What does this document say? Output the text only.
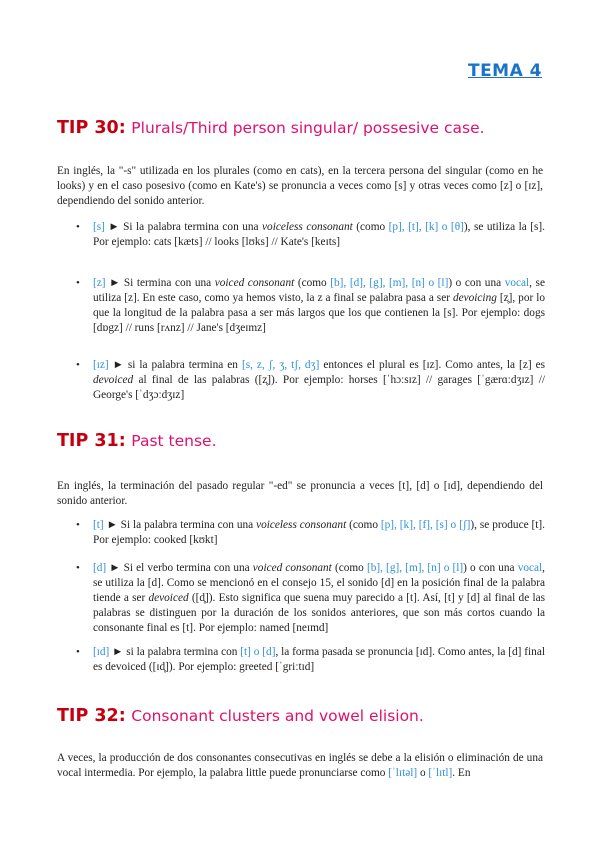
TEMA 4
TIP 30: Plurals/Third person singular/ possesive case.

En inglés, la "-s" utilizada en los plurales (como en cats), en la tercera persona del singular (como en he looks) y en el caso posesivo (como en Kate's) se pronuncia a veces como [s] y otras veces como [z] o [ɪz], dependiendo del sonido anterior.

• [s] ► Si la palabra termina con una voiceless consonant (como [p], [t], [k] o [θ]), se utiliza la [s]. Por ejemplo: cats [kæts] // looks [lʊks] // Kate's [keɪts]

• [z] ► Si termina con una voiced consonant (como [b], [d], [g], [m], [n] o [l]) o con una vocal, se utiliza [z]. En este caso, como ya hemos visto, la z a final se palabra pasa a ser devoicing [z̥], por lo que la longitud de la palabra pasa a ser más largos que los que contienen la [s]. Por ejemplo: dogs [dɒgz] // runs [rʌnz] // Jane's [dʒeɪmz]

• [ɪz] ► si la palabra termina en [s, z, ʃ, ʒ, tʃ, dʒ] entonces el plural es [ɪz]. Como antes, la [z] es devoiced al final de las palabras ([z̥]). Por ejemplo: horses [ˈhɔːsɪz] // garages [ˈgærɑːdʒɪz] // George's [ˈdʒɔːdʒɪz]

TIP 31: Past tense.

En inglés, la terminación del pasado regular "-ed" se pronuncia a veces [t], [d] o [ɪd], dependiendo del sonido anterior.

• [t] ► Si la palabra termina con una voiceless consonant (como [p], [k], [f], [s] o [ʃ]), se produce [t]. Por ejemplo: cooked [kʊkt]

• [d] ► Si el verbo termina con una voiced consonant (como [b], [g], [m], [n] o [l]) o con una vocal, se utiliza la [d]. Como se mencionó en el consejo 15, el sonido [d] en la posición final de la palabra tiende a ser devoiced ([d̥]). Esto significa que suena muy parecido a [t]. Así, [t] y [d] al final de las palabras se distinguen por la duración de los sonidos anteriores, que son más cortos cuando la consonante final es [t]. Por ejemplo: named [neɪmd]

• [ɪd] ► si la palabra termina con [t] o [d], la forma pasada se pronuncia [ɪd]. Como antes, la [d] final es devoiced ([ɪd̥]). Por ejemplo: greeted [ˈgriːtɪd]

TIP 32: Consonant clusters and vowel elision.

A veces, la producción de dos consonantes consecutivas en inglés se debe a la elisión o eliminación de una vocal intermedia. Por ejemplo, la palabra little puede pronunciarse como [ˈlɪtəl] o [ˈlɪtl]. En
